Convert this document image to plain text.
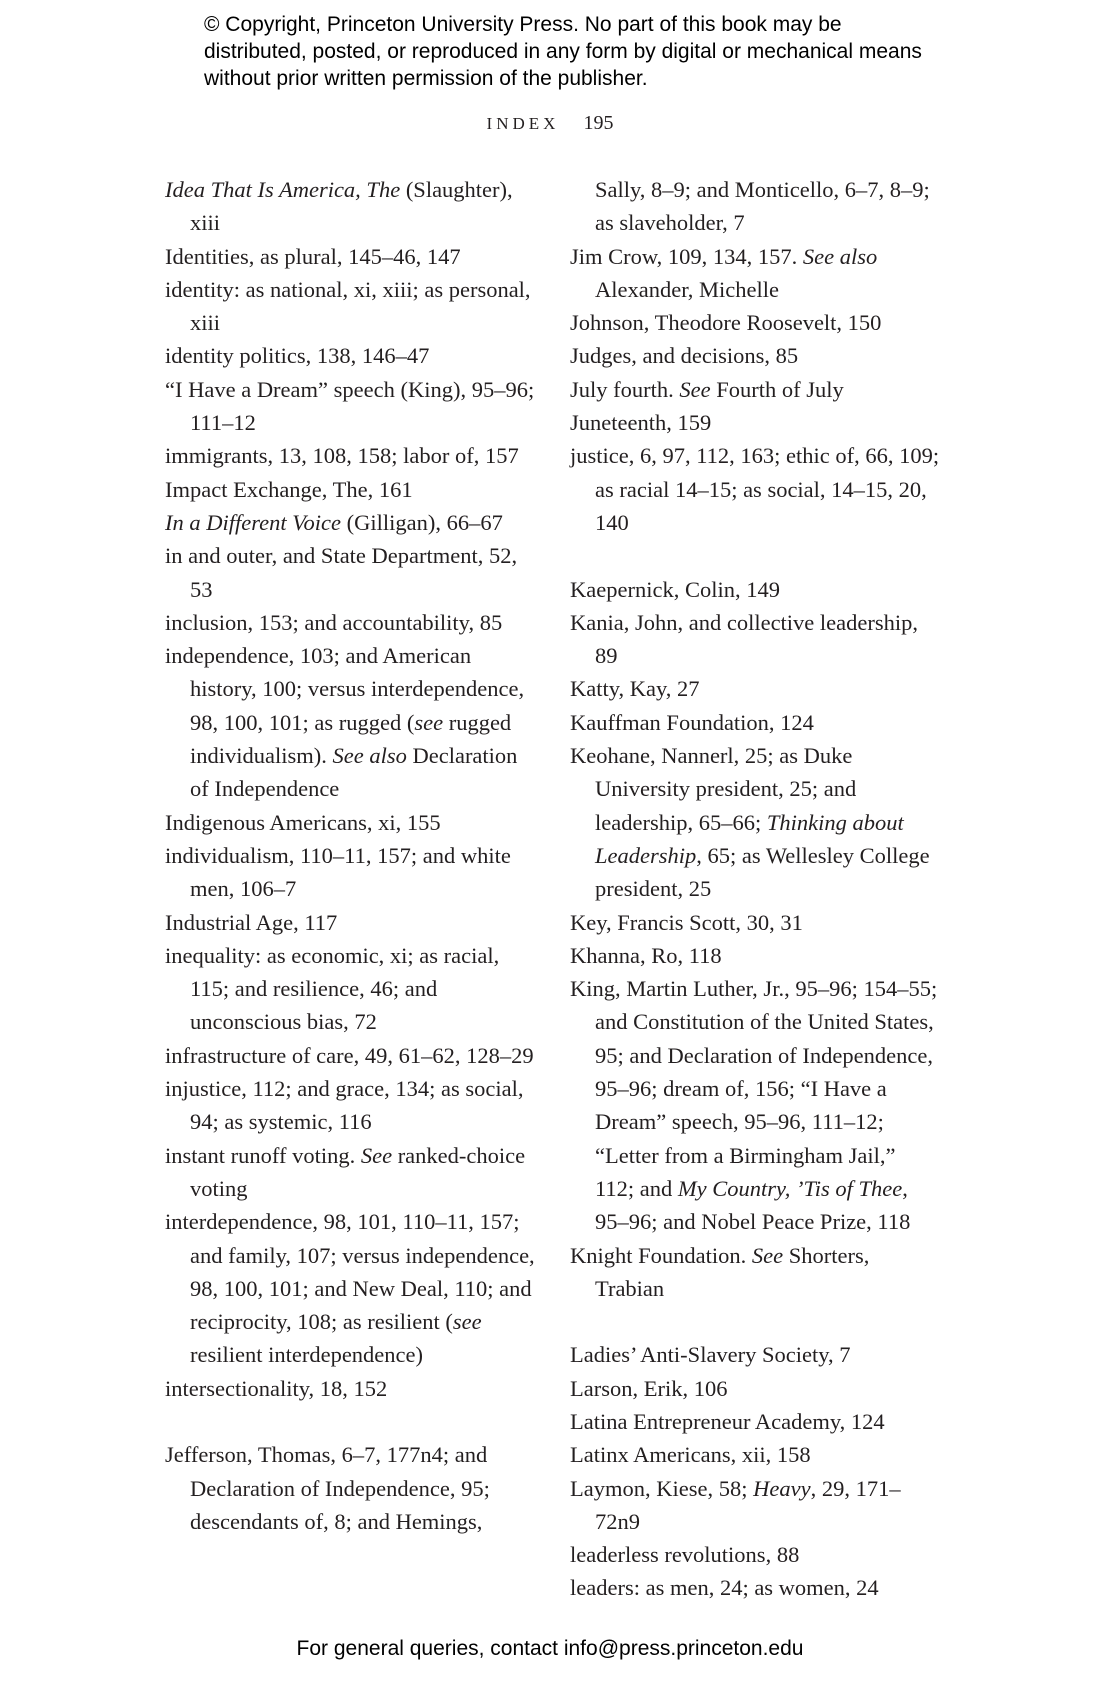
© Copyright, Princeton University Press. No part of this book may be distributed, posted, or reproduced in any form by digital or mechanical means without prior written permission of the publisher.
INDEX 195

Idea That Is America, The (Slaughter), xiii

Identities, as plural, 145–46, 147

identity: as national, xi, xiii; as personal, xiii

identity politics, 138, 146–47

“I Have a Dream” speech (King), 95–96; 111–12

immigrants, 13, 108, 158; labor of, 157

Impact Exchange, The, 161

In a Different Voice (Gilligan), 66–67

in and outer, and State Department, 52, 53

inclusion, 153; and accountability, 85

independence, 103; and American history, 100; versus interdependence, 98, 100, 101; as rugged (see rugged individualism). See also Declaration of Independence

Indigenous Americans, xi, 155

individualism, 110–11, 157; and white men, 106–7

Industrial Age, 117

inequality: as economic, xi; as racial, 115; and resilience, 46; and unconscious bias, 72

infrastructure of care, 49, 61–62, 128–29

injustice, 112; and grace, 134; as social, 94; as systemic, 116

instant runoff voting. See ranked-choice voting

interdependence, 98, 101, 110–11, 157; and family, 107; versus independence, 98, 100, 101; and New Deal, 110; and reciprocity, 108; as resilient (see resilient interdependence)

intersectionality, 18, 152

Jefferson, Thomas, 6–7, 177n4; and Declaration of Independence, 95; descendants of, 8; and Hemings,

Sally, 8–9; and Monticello, 6–7, 8–9; as slaveholder, 7

Jim Crow, 109, 134, 157. See also Alexander, Michelle

Johnson, Theodore Roosevelt, 150

Judges, and decisions, 85

July fourth. See Fourth of July

Juneteenth, 159

justice, 6, 97, 112, 163; ethic of, 66, 109; as racial 14–15; as social, 14–15, 20, 140

Kaepernick, Colin, 149

Kania, John, and collective leadership, 89

Katty, Kay, 27

Kauffman Foundation, 124

Keohane, Nannerl, 25; as Duke University president, 25; and leadership, 65–66; Thinking about Leadership, 65; as Wellesley College president, 25

Key, Francis Scott, 30, 31

Khanna, Ro, 118

King, Martin Luther, Jr., 95–96; 154–55; and Constitution of the United States, 95; and Declaration of Independence, 95–96; dream of, 156; “I Have a Dream” speech, 95–96, 111–12; “Letter from a Birmingham Jail,” 112; and My Country, ’Tis of Thee, 95–96; and Nobel Peace Prize, 118

Knight Foundation. See Shorters, Trabian

Ladies’ Anti-Slavery Society, 7

Larson, Erik, 106

Latina Entrepreneur Academy, 124

Latinx Americans, xii, 158

Laymon, Kiese, 58; Heavy, 29, 171–72n9

leaderless revolutions, 88

leaders: as men, 24; as women, 24

For general queries, contact info@press.princeton.edu
